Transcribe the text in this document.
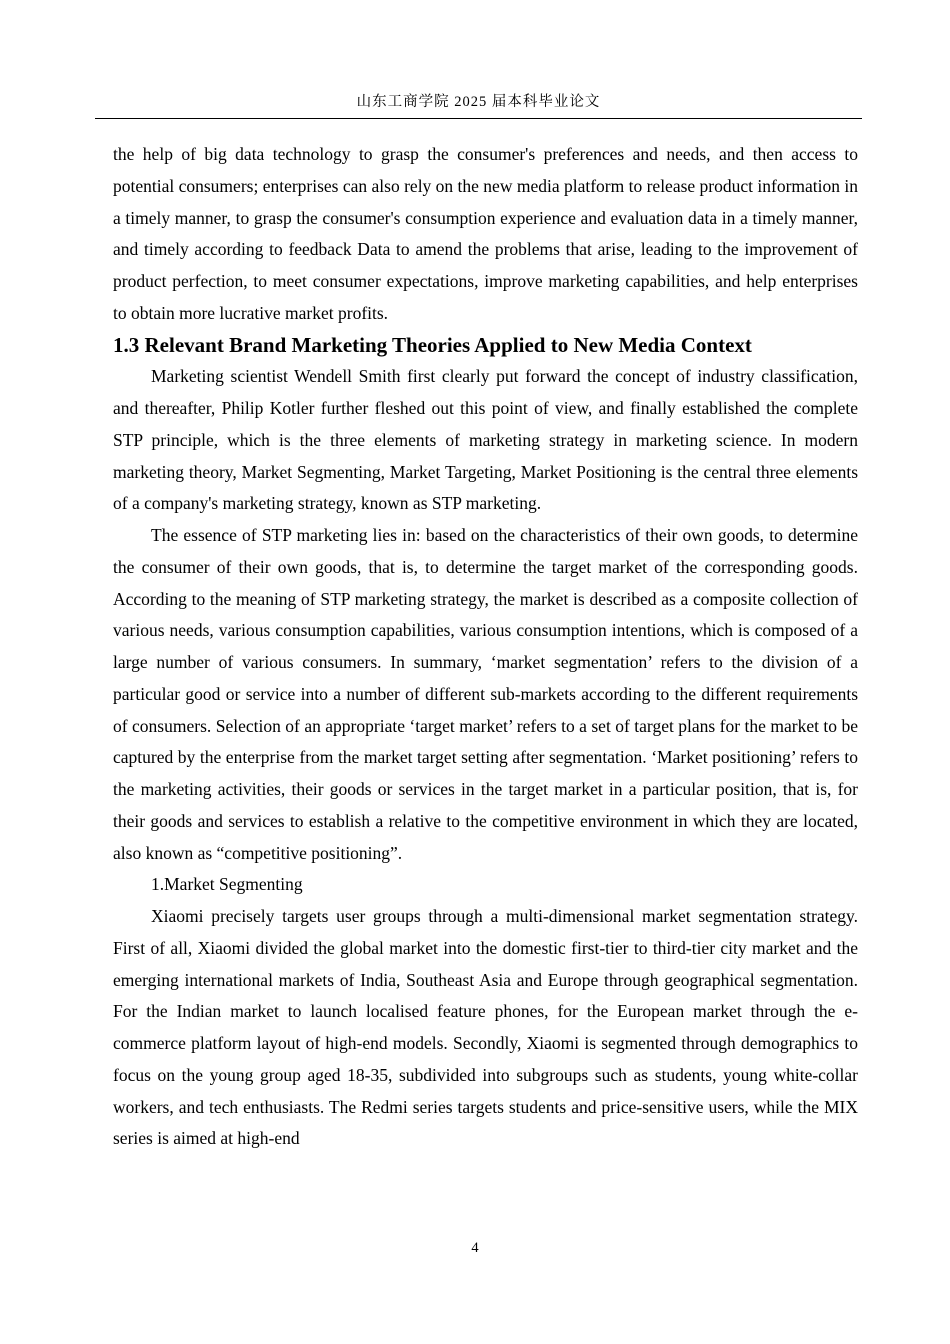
山东工商学院 2025 届本科毕业论文

the help of big data technology to grasp the consumer's preferences and needs, and then access to potential consumers; enterprises can also rely on the new media platform to release product information in a timely manner, to grasp the consumer's consumption experience and evaluation data in a timely manner, and timely according to feedback Data to amend the problems that arise, leading to the improvement of product perfection, to meet consumer expectations, improve marketing capabilities, and help enterprises to obtain more lucrative market profits.

1.3 Relevant Brand Marketing Theories Applied to New Media Context

Marketing scientist Wendell Smith first clearly put forward the concept of industry classification, and thereafter, Philip Kotler further fleshed out this point of view, and finally established the complete STP principle, which is the three elements of marketing strategy in marketing science. In modern marketing theory, Market Segmenting, Market Targeting, Market Positioning is the central three elements of a company's marketing strategy, known as STP marketing.

The essence of STP marketing lies in: based on the characteristics of their own goods, to determine the consumer of their own goods, that is, to determine the target market of the corresponding goods. According to the meaning of STP marketing strategy, the market is described as a composite collection of various needs, various consumption capabilities, various consumption intentions, which is composed of a large number of various consumers. In summary, ‘market segmentation’ refers to the division of a particular good or service into a number of different sub-markets according to the different requirements of consumers. Selection of an appropriate ‘target market’ refers to a set of target plans for the market to be captured by the enterprise from the market target setting after segmentation. ‘Market positioning’ refers to the marketing activities, their goods or services in the target market in a particular position, that is, for their goods and services to establish a relative to the competitive environment in which they are located, also known as “competitive positioning”.

1.Market Segmenting

Xiaomi precisely targets user groups through a multi-dimensional market segmentation strategy. First of all, Xiaomi divided the global market into the domestic first-tier to third-tier city market and the emerging international markets of India, Southeast Asia and Europe through geographical segmentation. For the Indian market to launch localised feature phones, for the European market through the e-commerce platform layout of high-end models. Secondly, Xiaomi is segmented through demographics to focus on the young group aged 18-35, subdivided into subgroups such as students, young white-collar workers, and tech enthusiasts. The Redmi series targets students and price-sensitive users, while the MIX series is aimed at high-end

4
